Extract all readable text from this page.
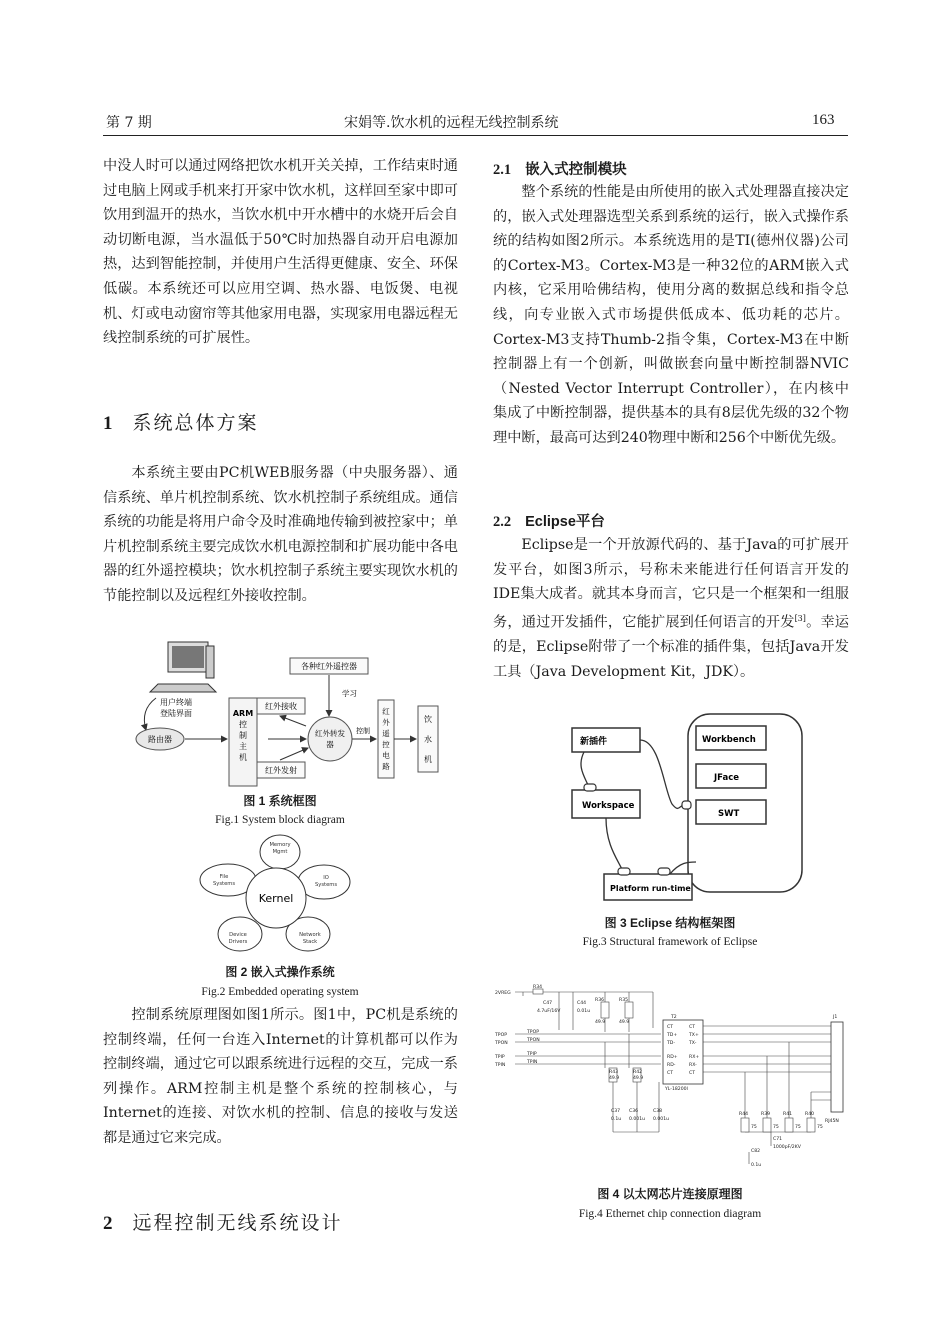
第 7 期	宋娟等.饮水机的远程无线控制系统	163

中没人时可以通过网络把饮水机开关关掉，工作结束时通过电脑上网或手机来打开家中饮水机，这样回至家中即可饮用到温开的热水，当饮水机中开水槽中的水烧开后会自动切断电源，当水温低于50℃时加热器自动开启电源加热，达到智能控制，并使用户生活得更健康、安全、环保低碳。本系统还可以应用空调、热水器、电饭煲、电视机、灯或电动窗帘等其他家用电器，实现家用电器远程无线控制系统的可扩展性。

1 系统总体方案

本系统主要由PC机WEB服务器（中央服务器）、通信系统、单片机控制系统、饮水机控制子系统组成。通信系统的功能是将用户命令及时准确地传输到被控家中；单片机控制系统主要完成饮水机电源控制和扩展功能中各电器的红外遥控模块；饮水机控制子系统主要实现饮水机的节能控制以及远程红外接收控制。

用户终端
登陆界面
路由器
ARM
控
制
主
机
红外接收
红外发射
各种红外遥控器
学习
红外转发
器
控制
红
外
遥
控
电
路
饮
水
机
图 1 系统框图
Fig.1 System block diagram
Memory
Mgmt
IO
Systems
Network
Stack
Device
Drivers
File
Systems
Kernel
图 2 嵌入式操作系统
Fig.2 Embedded operating system

控制系统原理图如图1所示。图1中，PC机是系统的控制终端，任何一台连入Internet的计算机都可以作为控制终端，通过它可以跟系统进行远程的交互，完成一系列操作。ARM控制主机是整个系统的控制核心，与Internet的连接、对饮水机的控制、信息的接收与发送都是通过它来完成。

2 远程控制无线系统设计
2.1 嵌入式控制模块

整个系统的性能是由所使用的嵌入式处理器直接决定的，嵌入式处理器选型关系到系统的运行，嵌入式操作系统的结构如图2所示。本系统选用的是TI(德州仪器)公司的Cortex-M3。Cortex-M3是一种32位的ARM嵌入式内核，它采用哈佛结构，使用分离的数据总线和指令总线，向专业嵌入式市场提供低成本、低功耗的芯片。Cortex-M3支持Thumb-2指令集，Cortex-M3在中断控制器上有一个创新，叫做嵌套向量中断控制器NVIC（Nested Vector Interrupt Controller），在内核中集成了中断控制器，提供基本的具有8层优先级的32个物理中断，最高可达到240物理中断和256个中断优先级。

2.2 Eclipse平台

Eclipse是一个开放源代码的、基于Java的可扩展开发平台，如图3所示，号称未来能进行任何语言开发的IDE集大成者。就其本身而言，它只是一个框架和一组服务，通过开发插件，它能扩展到任何语言的开发[3]。幸运的是，Eclipse附带了一个标准的插件集，包括Java开发工具（Java Development Kit，JDK）。

新插件	Workbench
JFace
SWT
Workspace
Platform run-time
图 3 Eclipse 结构框架图
Fig.3 Structural framework of Eclipse
2VREG
R34
C47
4.7uF/16V
C44
0.01u
R36
49.9
R35
49.9
T2
YL-18200I
CT
TD+
TD-
RD+
RD-
CT
CT
TX+
TX-
RX+
RX-
CT
TPOP
TPON
TPIP
TPIN
TPOP
TPON
TPIP
TPIN
R43
49.9
R42
49.9
C37
0.1u
C36
0.001u
C38
0.001u
R44	R39	R41	R40
75	75	75	75
J1
RJ45N
C71
1000pF/2KV
C82
0.1u
图 4 以太网芯片连接原理图
Fig.4 Ethernet chip connection diagram
